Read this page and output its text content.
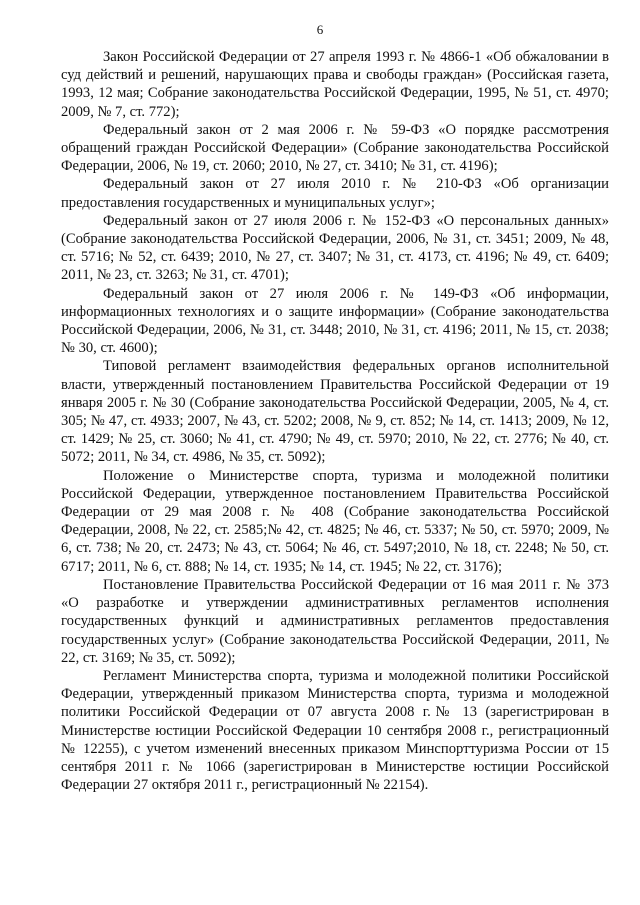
6

Закон Российской Федерации от 27 апреля 1993 г. № 4866-1 «Об обжаловании в суд действий и решений, нарушающих права и свободы граждан» (Российская газета, 1993, 12 мая; Собрание законодательства Российской Федерации, 1995, № 51, ст. 4970; 2009, № 7, ст. 772);

Федеральный закон от 2 мая 2006 г. № 59-ФЗ «О порядке рассмотрения обращений граждан Российской Федерации» (Собрание законодательства Российской Федерации, 2006, № 19, ст. 2060; 2010, № 27, ст. 3410; № 31, ст. 4196);

Федеральный закон от 27 июля 2010 г. № 210-ФЗ «Об организации предоставления государственных и муниципальных услуг»;

Федеральный закон от 27 июля 2006 г. № 152-ФЗ «О персональных данных» (Собрание законодательства Российской Федерации, 2006, № 31, ст. 3451; 2009, № 48, ст. 5716; № 52, ст. 6439; 2010, № 27, ст. 3407; № 31, ст. 4173, ст. 4196; № 49, ст. 6409; 2011, № 23, ст. 3263; № 31, ст. 4701);

Федеральный закон от 27 июля 2006 г. № 149-ФЗ «Об информации, информационных технологиях и о защите информации» (Собрание законодательства Российской Федерации, 2006, № 31, ст. 3448; 2010, № 31, ст. 4196; 2011, № 15, ст. 2038; № 30, ст. 4600);

Типовой регламент взаимодействия федеральных органов исполнительной власти, утвержденный постановлением Правительства Российской Федерации от 19 января 2005 г. № 30 (Собрание законодательства Российской Федерации, 2005, № 4, ст. 305; № 47, ст. 4933; 2007, № 43, ст. 5202; 2008, № 9, ст. 852; № 14, ст. 1413; 2009, № 12, ст. 1429; № 25, ст. 3060; № 41, ст. 4790; № 49, ст. 5970; 2010, № 22, ст. 2776; № 40, ст. 5072; 2011, № 34, ст. 4986, № 35, ст. 5092);

Положение о Министерстве спорта, туризма и молодежной политики Российской Федерации, утвержденное постановлением Правительства Российской Федерации от 29 мая 2008 г. № 408 (Собрание законодательства Российской Федерации, 2008, № 22, ст. 2585;№ 42, ст. 4825; № 46, ст. 5337; № 50, ст. 5970; 2009, № 6, ст. 738; № 20, ст. 2473; № 43, ст. 5064; № 46, ст. 5497;2010, № 18, ст. 2248; № 50, ст. 6717; 2011, № 6, ст. 888; № 14, ст. 1935; № 14, ст. 1945; № 22, ст. 3176);

Постановление Правительства Российской Федерации от 16 мая 2011 г. № 373 «О разработке и утверждении административных регламентов исполнения государственных функций и административных регламентов предоставления государственных услуг» (Собрание законодательства Российской Федерации, 2011, № 22, ст. 3169; № 35, ст. 5092);

Регламент Министерства спорта, туризма и молодежной политики Российской Федерации, утвержденный приказом Министерства спорта, туризма и молодежной политики Российской Федерации от 07 августа 2008 г.№ 13 (зарегистрирован в Министерстве юстиции Российской Федерации 10 сентября 2008 г., регистрационный № 12255), с учетом изменений внесенных приказом Минспорттуризма России от 15 сентября 2011 г. № 1066 (зарегистрирован в Министерстве юстиции Российской Федерации 27 октября 2011 г., регистрационный № 22154).
